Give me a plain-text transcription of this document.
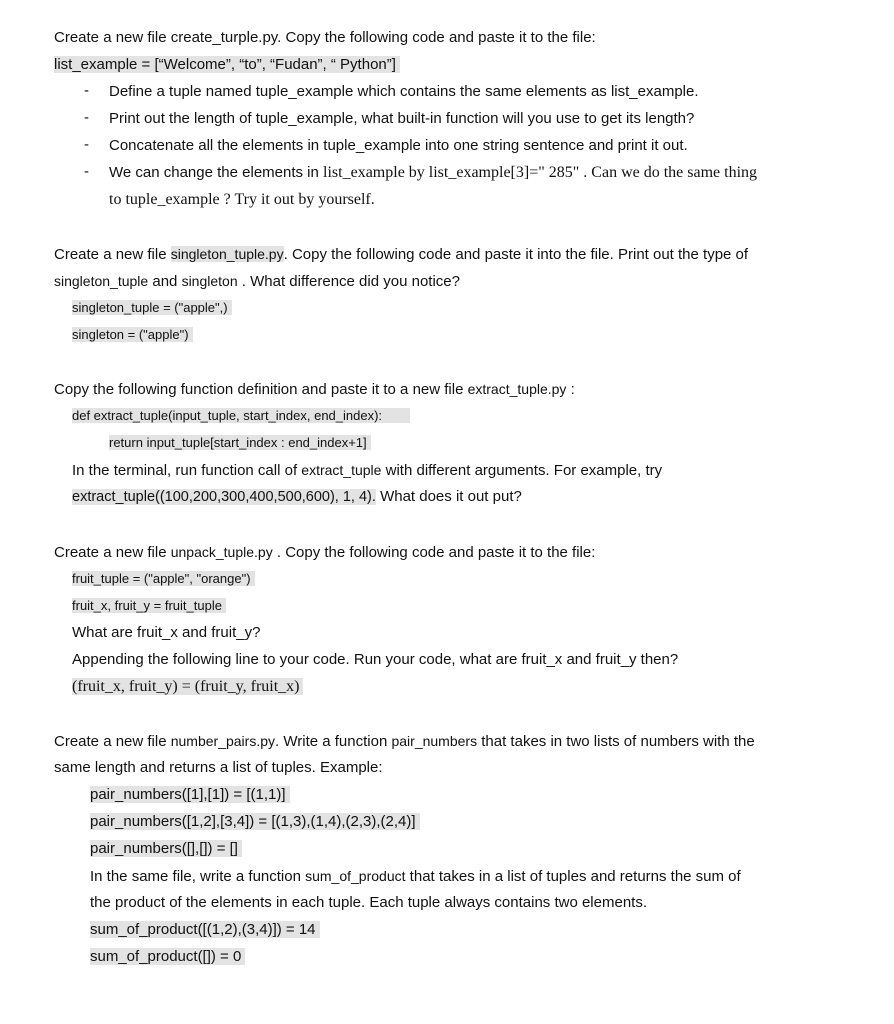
Create a new file create_turple.py. Copy the following code and paste it to the file:
list_example = [“Welcome”, “to”, “Fudan”, “ Python”]
- Define a tuple named tuple_example which contains the same elements as list_example.
- Print out the length of tuple_example, what built-in function will you use to get its length?
- Concatenate all the elements in tuple_example into one string sentence and print it out.
- We can change the elements in list_example by list_example[3]=" 285" . Can we do the same thing
to tuple_example ? Try it out by yourself.
Create a new file singleton_tuple.py. Copy the following code and paste it into the file. Print out the type of
singleton_tuple and singleton . What difference did you notice?
singleton_tuple = ("apple",)
singleton = ("apple")
Copy the following function definition and paste it to a new file extract_tuple.py :
def extract_tuple(input_tuple, start_index, end_index):
return input_tuple[start_index : end_index+1]
In the terminal, run function call of extract_tuple with different arguments. For example, try
extract_tuple((100,200,300,400,500,600), 1, 4). What does it out put?
Create a new file unpack_tuple.py . Copy the following code and paste it to the file:
fruit_tuple = ("apple", "orange")
fruit_x, fruit_y = fruit_tuple
What are fruit_x and fruit_y?
Appending the following line to your code. Run your code, what are fruit_x and fruit_y then?
(fruit_x, fruit_y) = (fruit_y, fruit_x)
Create a new file number_pairs.py. Write a function pair_numbers that takes in two lists of numbers with the
same length and returns a list of tuples. Example:
pair_numbers([1],[1]) = [(1,1)]
pair_numbers([1,2],[3,4]) = [(1,3),(1,4),(2,3),(2,4)]
pair_numbers([],[]) = []
In the same file, write a function sum_of_product that takes in a list of tuples and returns the sum of
the product of the elements in each tuple. Each tuple always contains two elements.
sum_of_product([(1,2),(3,4)]) = 14
sum_of_product([]) = 0
